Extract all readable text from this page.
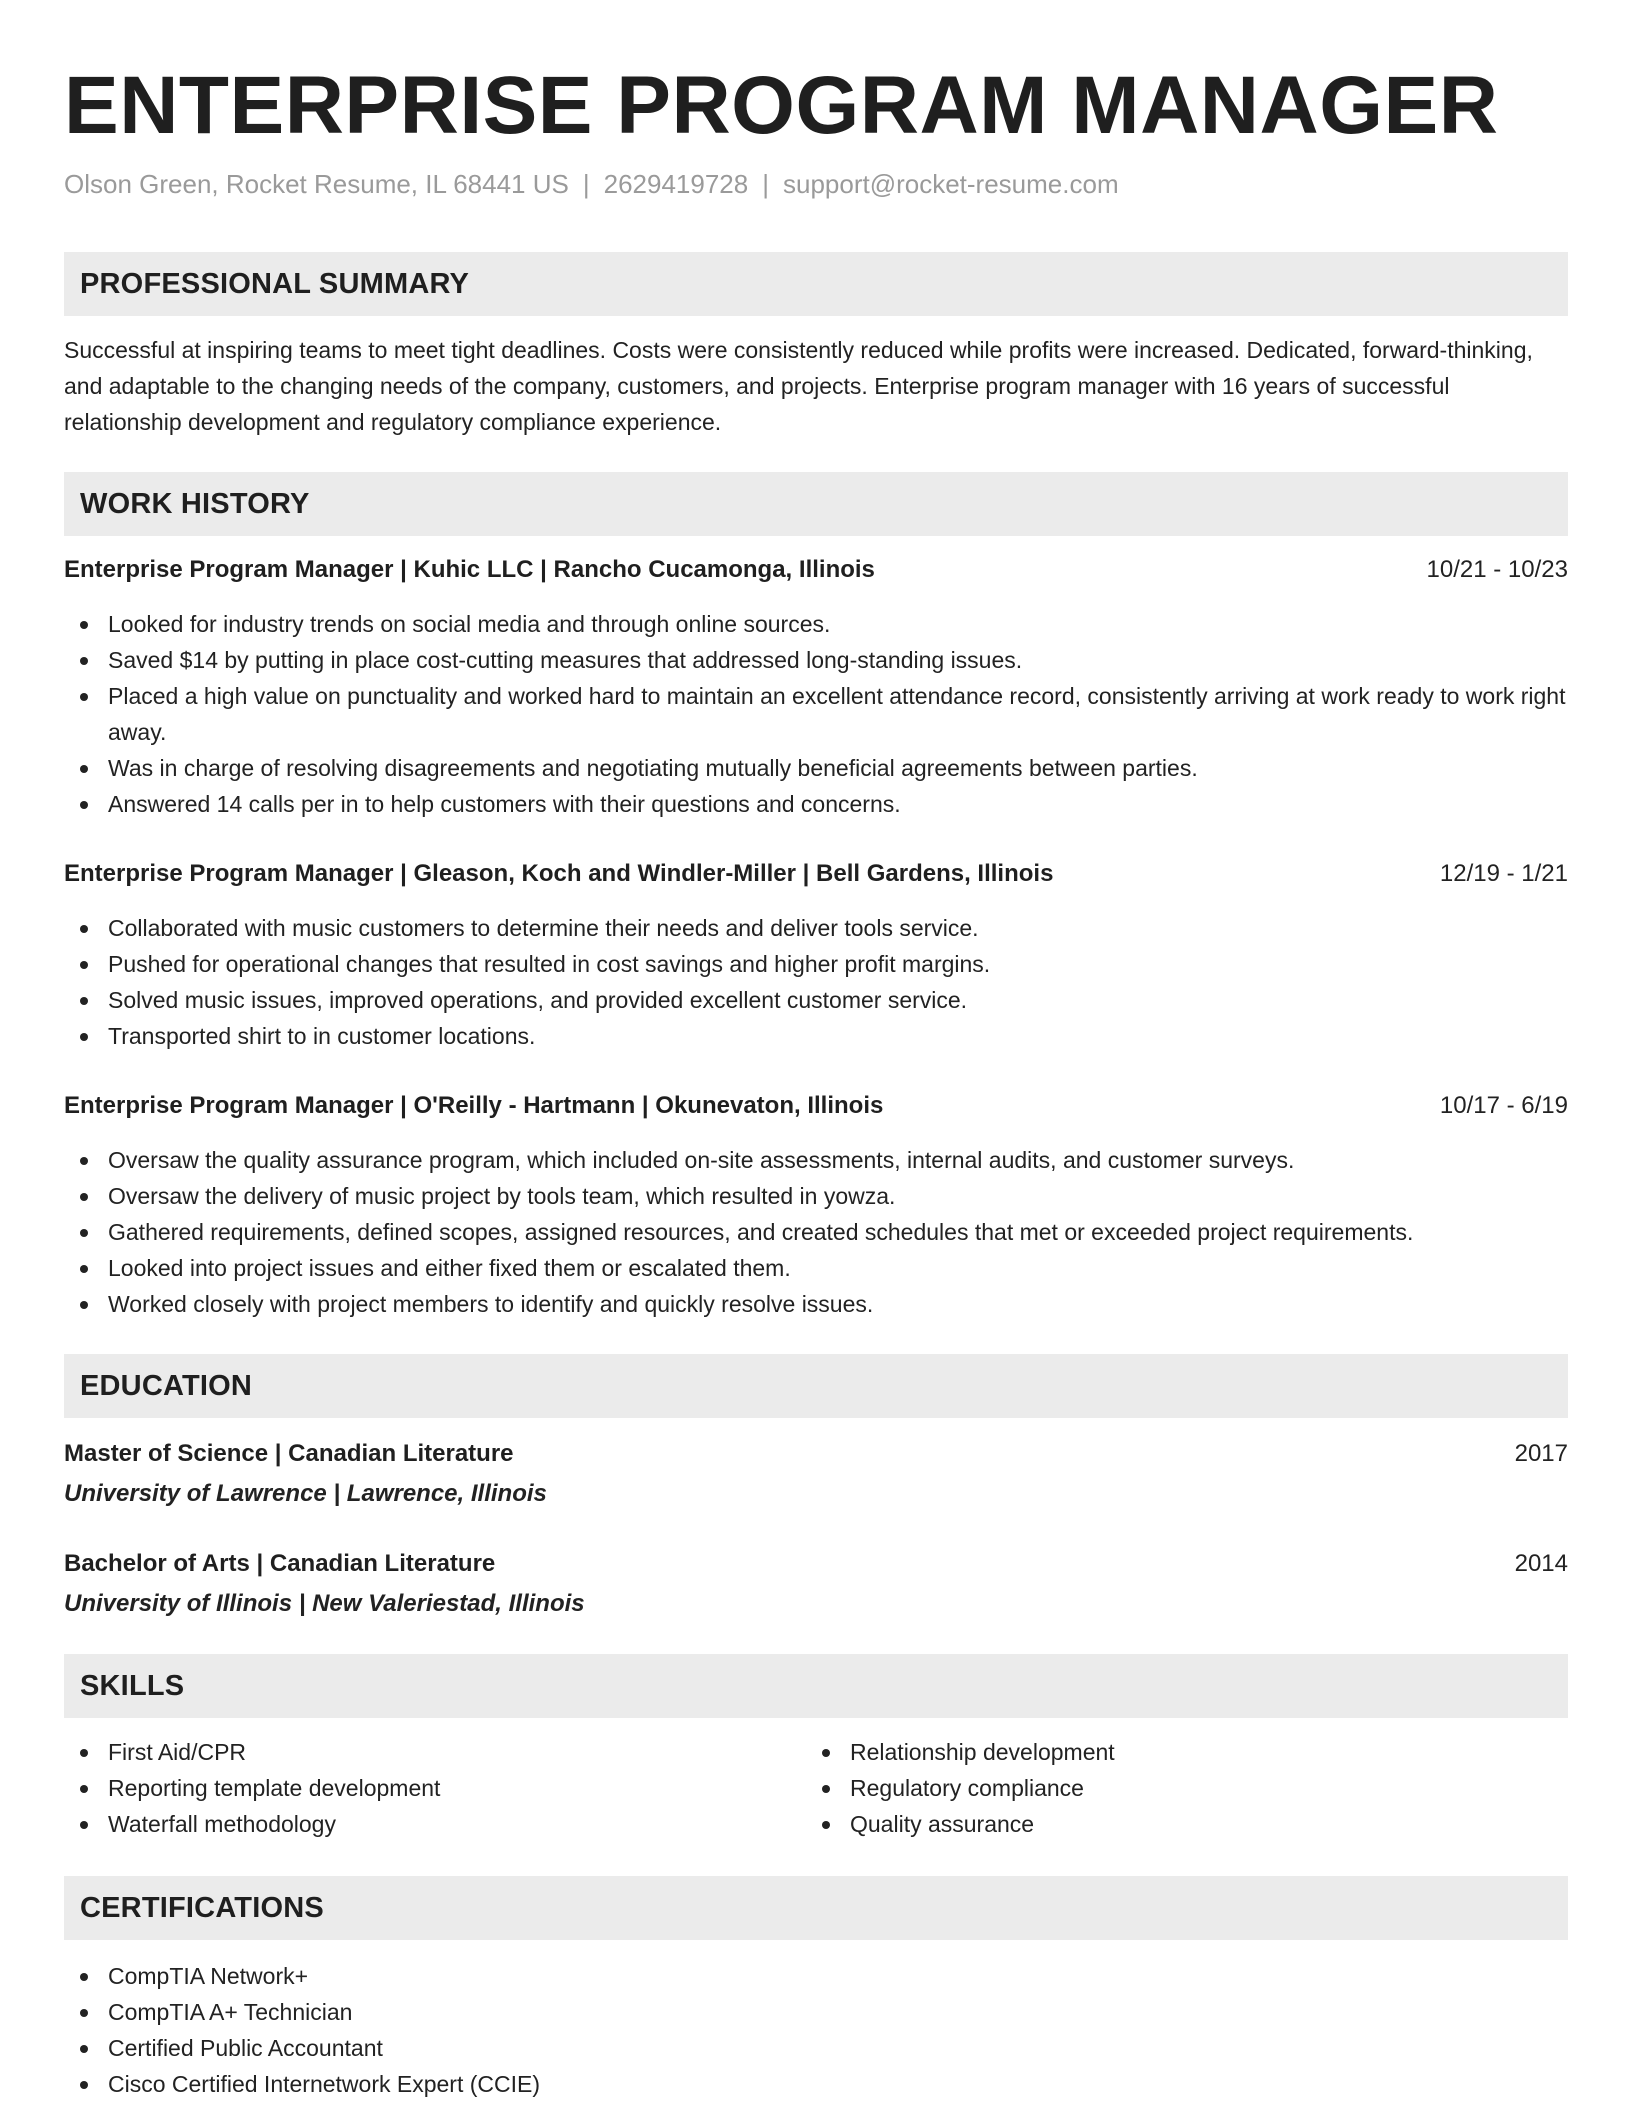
ENTERPRISE PROGRAM MANAGER
Olson Green, Rocket Resume, IL 68441 US | 2629419728 | support@rocket-resume.com
PROFESSIONAL SUMMARY

Successful at inspiring teams to meet tight deadlines. Costs were consistently reduced while profits were increased. Dedicated, forward-thinking, and adaptable to the changing needs of the company, customers, and projects. Enterprise program manager with 16 years of successful relationship development and regulatory compliance experience.

WORK HISTORY
Enterprise Program Manager | Kuhic LLC | Rancho Cucamonga, Illinois	10/21 - 10/23
Looked for industry trends on social media and through online sources.
Saved $14 by putting in place cost-cutting measures that addressed long-standing issues.
Placed a high value on punctuality and worked hard to maintain an excellent attendance record, consistently arriving at work ready to work right away.
Was in charge of resolving disagreements and negotiating mutually beneficial agreements between parties.
Answered 14 calls per in to help customers with their questions and concerns.
Enterprise Program Manager | Gleason, Koch and Windler-Miller | Bell Gardens, Illinois	12/19 - 1/21
Collaborated with music customers to determine their needs and deliver tools service.
Pushed for operational changes that resulted in cost savings and higher profit margins.
Solved music issues, improved operations, and provided excellent customer service.
Transported shirt to in customer locations.
Enterprise Program Manager | O'Reilly - Hartmann | Okunevaton, Illinois	10/17 - 6/19
Oversaw the quality assurance program, which included on-site assessments, internal audits, and customer surveys.
Oversaw the delivery of music project by tools team, which resulted in yowza.
Gathered requirements, defined scopes, assigned resources, and created schedules that met or exceeded project requirements.
Looked into project issues and either fixed them or escalated them.
Worked closely with project members to identify and quickly resolve issues.
EDUCATION
Master of Science | Canadian Literature	2017
University of Lawrence | Lawrence, Illinois
Bachelor of Arts | Canadian Literature	2014
University of Illinois | New Valeriestad, Illinois
SKILLS
First Aid/CPR
Reporting template development
Waterfall methodology
Relationship development
Regulatory compliance
Quality assurance
CERTIFICATIONS
CompTIA Network+
CompTIA A+ Technician
Certified Public Accountant
Cisco Certified Internetwork Expert (CCIE)
